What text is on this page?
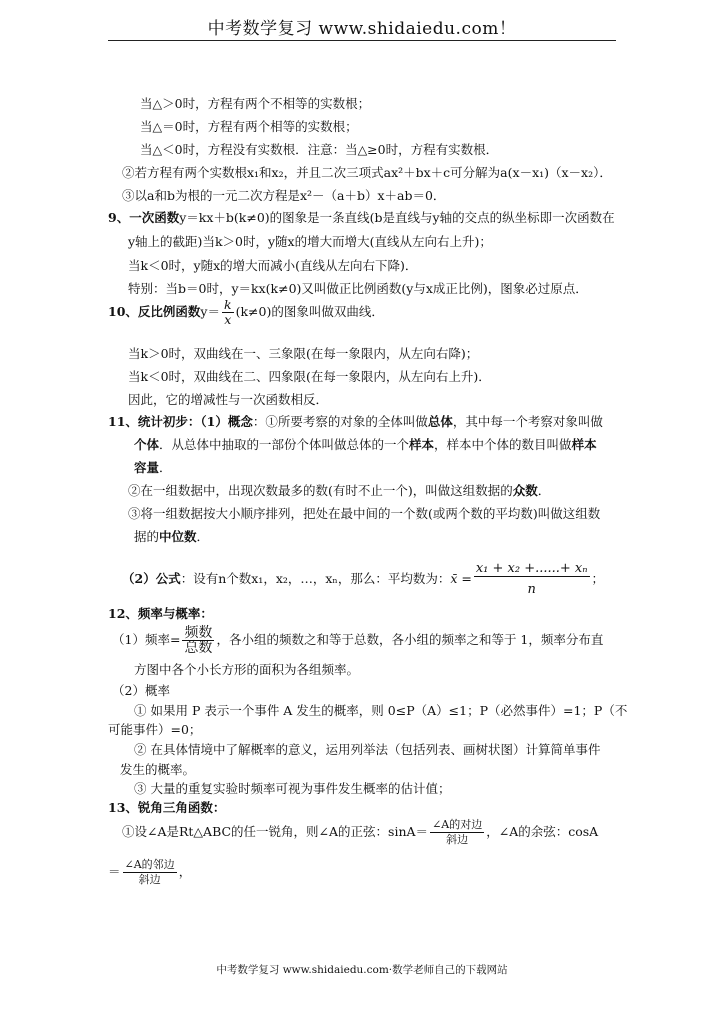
中考数学复习 www.shidaiedu.com！
当△＞0时，方程有两个不相等的实数根；
当△＝0时，方程有两个相等的实数根；
当△＜0时，方程没有实数根．注意：当△≥0时，方程有实数根．
②若方程有两个实数根x₁和x₂，并且二次三项式ax²＋bx＋c可分解为a(x－x₁)（x－x₂）．
③以a和b为根的一元二次方程是x²－（a＋b）x＋ab＝0．
9、一次函数y＝kx＋b(k≠0)的图象是一条直线(b是直线与y轴的交点的纵坐标即一次函数在
y轴上的截距)当k＞0时，y随x的增大而增大(直线从左向右上升)；
当k＜0时，y随x的增大而减小(直线从左向右下降)．
特别：当b＝0时，y＝kx(k≠0)又叫做正比例函数(y与x成正比例)，图象必过原点．
10、反比例函数$y= \frac{k}{x} (k\ne 0)$的图象叫做双曲线．
当k＞0时，双曲线在一、三象限(在每一象限内，从左向右降)；
当k＜0时，双曲线在二、四象限(在每一象限内，从左向右上升)．
因此，它的增减性与一次函数相反．
11、统计初步：（1）概念：①所要考察的对象的全体叫做总体，其中每一个考察对象叫做
个体．从总体中抽取的一部份个体叫做总体的一个样本，样本中个体的数目叫做样本
容量．
②在一组数据中，出现次数最多的数(有时不止一个)，叫做这组数据的众数．
③将一组数据按大小顺序排列，把处在最中间的一个数(或两个数的平均数)叫做这组数
据的中位数．
（2）公式：设有n个数x₁，x₂，…，xₙ，那么：平均数为：x̄ = $\frac{\text{x₁ + x₂ +......+ xₙ}}{n}$ ；
12、频率与概率：
（1）频率= $\frac{\text{频数}}{\text{总数}}$ ，各小组的频数之和等于总数，各小组的频率之和等于 1，频率分布直
方图中各个小长方形的面积为各组频率。
（2）概率
① 如果用 P 表示一个事件 A 发生的概率，则 0≤P（A）≤1；P（必然事件）=1；P（不
可能事件）=0；
② 在具体情境中了解概率的意义，运用列举法（包括列表、画树状图）计算简单事件
发生的概率。
③ 大量的重复实验时频率可视为事件发生概率的估计值；
13、锐角三角函数：
①设∠A是Rt△ABC的任一锐角，则∠A的正弦：$\sin A= \frac{\text{∠A的对边}}{\text{斜边}}$ ，∠A的余弦：cosA
＝ $\frac{\text{∠A的邻边}}{\text{斜边}}$ ，
中考数学复习 www.shidaiedu.com·数学老师自己的下载网站
